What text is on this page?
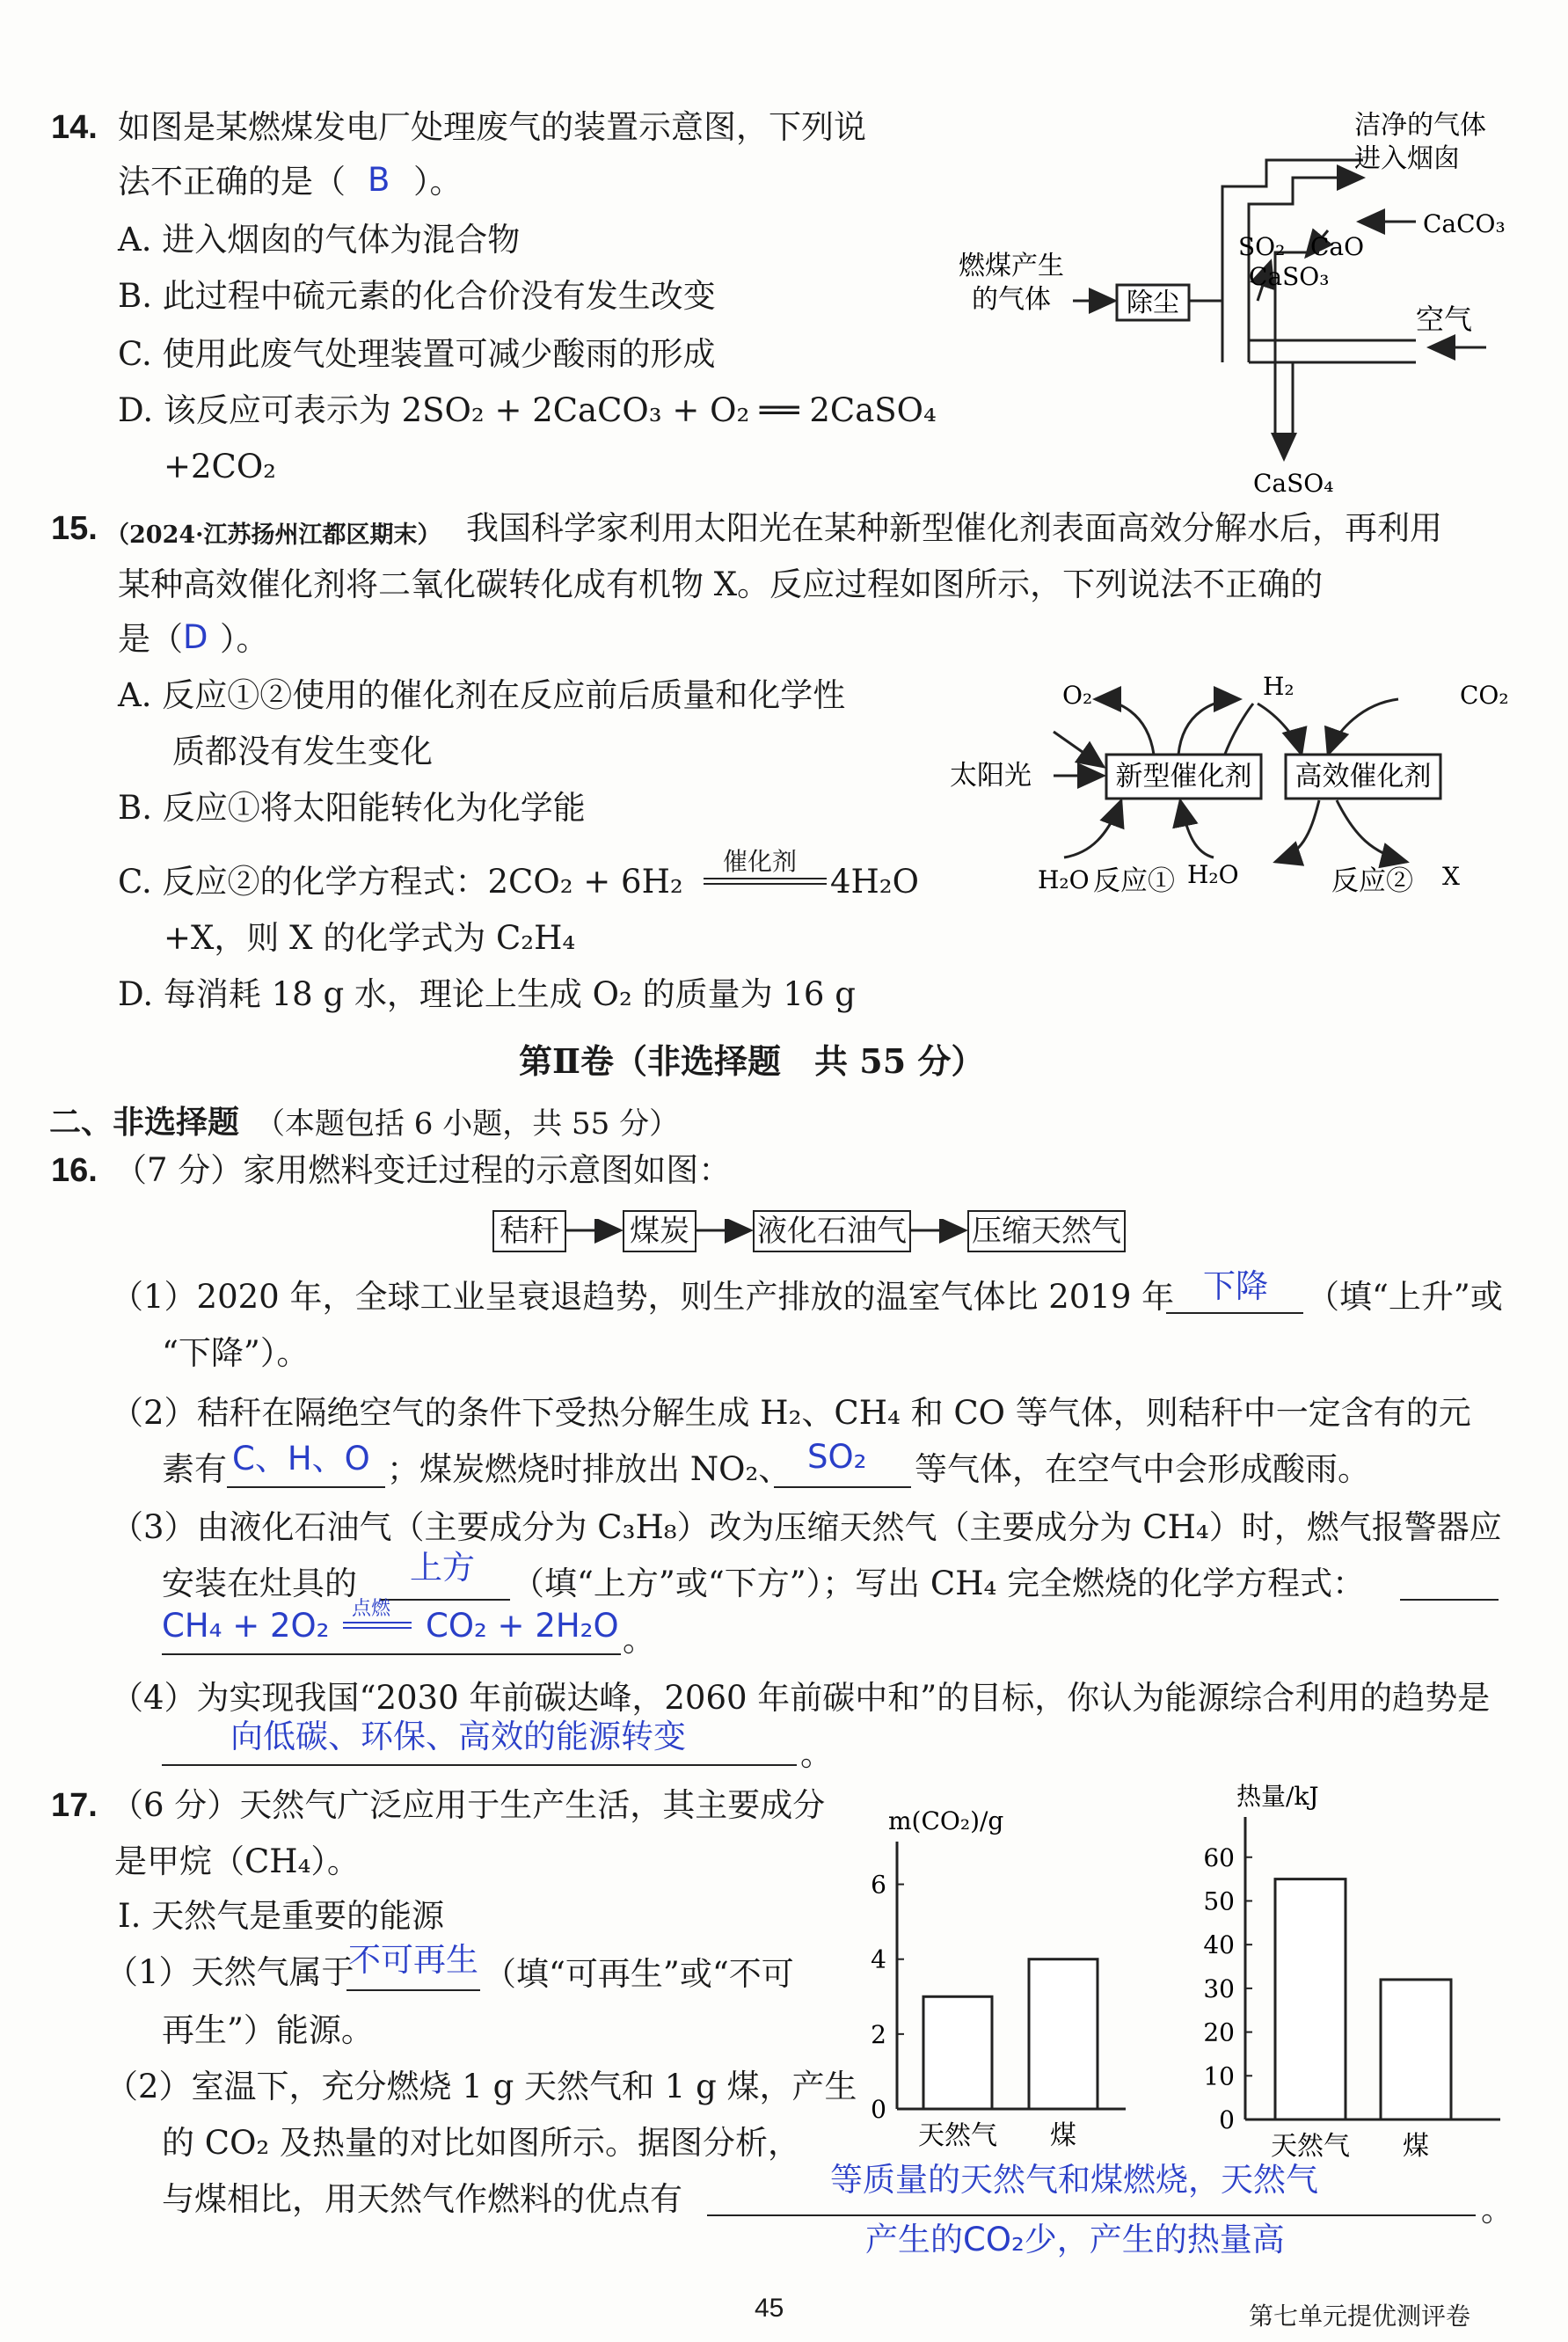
14. 如图是某燃煤发电厂处理废气的装置示意图，下列说
法不正确的是（ B ）。
A. 进入烟囱的气体为混合物
B. 此过程中硫元素的化合价没有发生改变
C. 使用此废气处理装置可减少酸雨的形成
D. 该反应可表示为 2SO₂ + 2CaCO₃ + O₂ ══ 2CaSO₄
+2CO₂
除尘
洁净的气体
进入烟囱
CaCO₃
CaO
SO₂
CaSO₃
燃煤产生
的气体
空气
CaSO₄
15. （2024·江苏扬州江都区期末） 我国科学家利用太阳光在某种新型催化剂表面高效分解水后，再利用
某种高效催化剂将二氧化碳转化成有机物 X。反应过程如图所示，下列说法不正确的
是（ D ）。
A. 反应①②使用的催化剂在反应前后质量和化学性
质都没有发生变化
B. 反应①将太阳能转化为化学能
C. 反应②的化学方程式：2CO₂ + 6H₂
催化剂
4H₂O
+X，则 X 的化学式为 C₂H₄
D. 每消耗 18 g 水，理论上生成 O₂ 的质量为 16 g
新型催化剂 高效催化剂
太阳光
O₂	H₂	CO₂
H₂O 反应① H₂O	反应② X
第Ⅱ卷（非选择题　共 55 分）
二、非选择题 （本题包括 6 小题，共 55 分）
16. （7 分）家用燃料变迁过程的示意图如图：
秸秆 煤炭 液化石油气 压缩天然气
（1）2020 年，全球工业呈衰退趋势，则生产排放的温室气体比 2019 年 下降 （填“上升”或
“下降”）。
（2）秸秆在隔绝空气的条件下受热分解生成 H₂、CH₄ 和 CO 等气体，则秸秆中一定含有的元
素有 C、H、O ；煤炭燃烧时排放出 NO₂、 SO₂ 等气体，在空气中会形成酸雨。
（3）由液化石油气（主要成分为 C₃H₈）改为压缩天然气（主要成分为 CH₄）时，燃气报警器应
安装在灶具的 上方 （填“上方”或“下方”）；写出 CH₄ 完全燃烧的化学方程式：
CH₄ + 2O₂ 点燃 CO₂ + 2H₂O 。
（4）为实现我国“2030 年前碳达峰，2060 年前碳中和”的目标，你认为能源综合利用的趋势是
向低碳、环保、高效的能源转变	。
17. （6 分）天然气广泛应用于生产生活，其主要成分
是甲烷（CH₄）。
Ⅰ. 天然气是重要的能源
（1）天然气属于
不可再生 （填“可再生”或“不可
再生”）能源。
（2）室温下，充分燃烧 1 g 天然气和 1 g 煤，产生
的 CO₂ 及热量的对比如图所示。据图分析，
与煤相比，用天然气作燃料的优点有
等质量的天然气和煤燃烧，天然气
产生的CO₂少，产生的热量高
。
m(CO₂)/g
0
2
4
6
天然气 煤
热量/kJ
0
10
20
30
40
50
60
天然气 煤
45	第七单元提优测评卷
